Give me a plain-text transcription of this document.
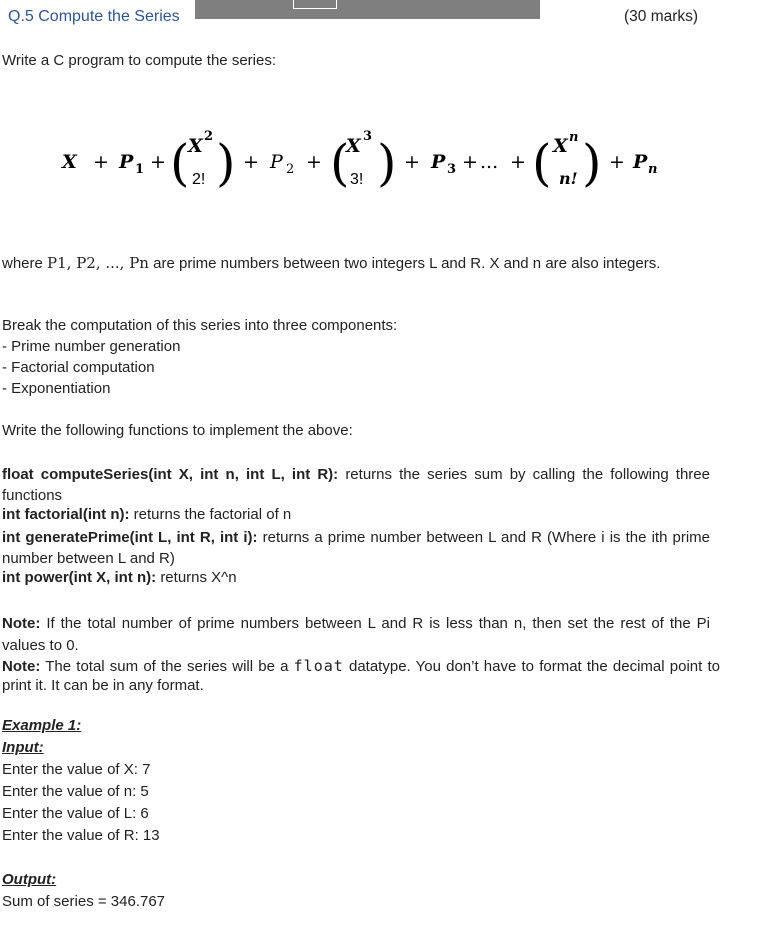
Q.5 Compute the Series	(30 marks)
Write a C program to compute the series:
X + P 1 + (
X 2
2! ) + P 2 + (
X 3
3! ) + P 3 + ... + ( X n
n! ) + P n
where P1, P2, ..., Pn are prime numbers between two integers L and R. X and n are also integers.
Break the computation of this series into three components:
- Prime number generation
- Factorial computation
- Exponentiation
Write the following functions to implement the above:
float computeSeries(int X, int n, int L, int R): returns the series sum by calling the following three functions
int factorial(int n): returns the factorial of n
int generatePrime(int L, int R, int i): returns a prime number between L and R (Where i is the ith prime number between L and R)
int power(int X, int n): returns X^n
Note: If the total number of prime numbers between L and R is less than n, then set the rest of the Pi values to 0.
Note: The total sum of the series will be a float datatype. You don’t have to format the decimal point to print it. It can be in any format.
Example 1:
Input:
Enter the value of X: 7
Enter the value of n: 5
Enter the value of L: 6
Enter the value of R: 13
Output:
Sum of series = 346.767
